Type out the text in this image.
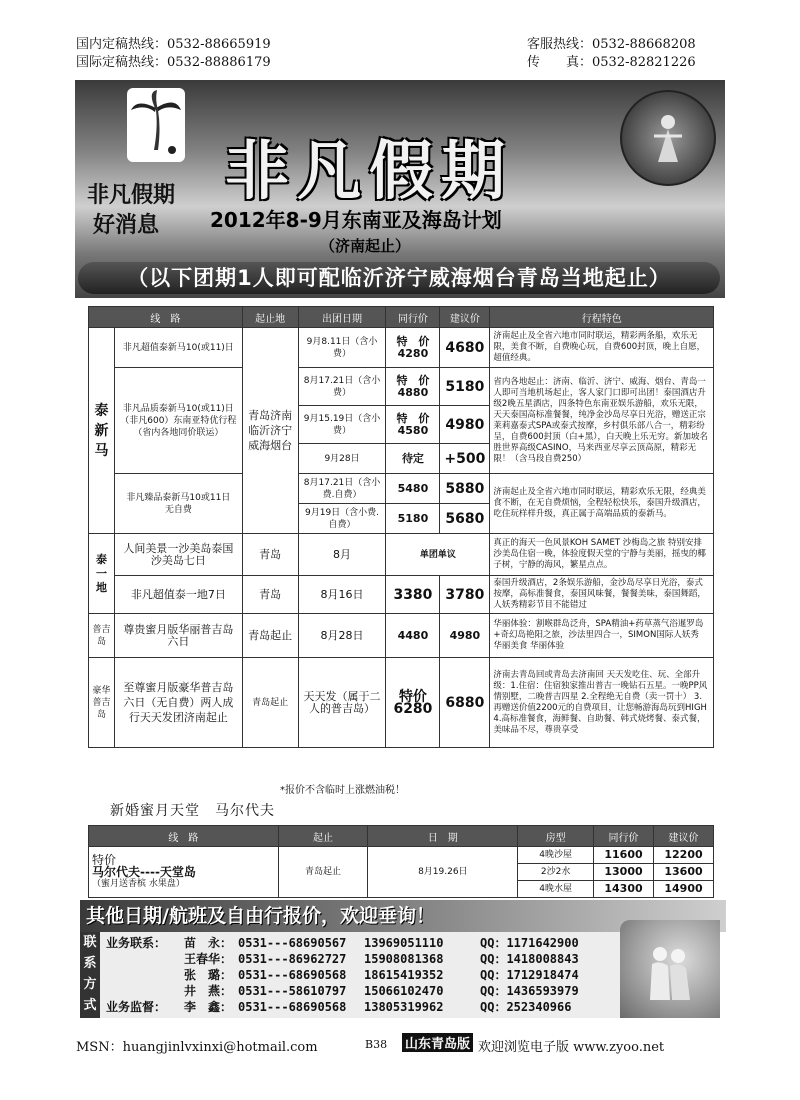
国内定稿热线：0532-88665919
国际定稿热线：0532-88886179
客服热线：0532-88668208
传　　真：0532-82821226
非凡假期
非凡假期
好消息	2012年8-9月东南亚及海岛计划
（济南起止）
（以下团期1人即可配临沂济宁威海烟台青岛当地起止）
线　路		起止地	出团日期	同行价	建议价	行程特色
泰新马	非凡超值泰新马10(或11)日	青岛济南临沂济宁威海烟台	9月8.11日（含小费）	特　价4280	4680	济南起止及全省六地市同时联运，精彩两条船，欢乐无限，美食不断，自费晚心玩，自费600封顶，晚上自愿，超值经典。
	非凡品质泰新马10(或11)日（非凡600）东南亚特优行程（省内各地同价联运）		8月17.21日（含小费）	特　价4880	5180	省内各地起止：济南、临沂、济宁、威海、烟台、青岛一人即可当地机场起止，客人家门口即可出团！泰国酒店升级2晚五星酒店，四条特色东南亚娱乐游船，欢乐无限，天天泰国高标准餐餐，纯净金沙岛尽享日光浴，赠送正宗莱莉嘉泰式SPA或泰式按摩，乡村俱乐部八合一，精彩纷呈，自费600封顶（白+黑），白天晚上乐无穷。新加坡名胜世界高级CASINO，马来西亚尽享云顶高原，精彩无限！（含马段自费250）
			9月15.19日（含小费）	特　价4580	4980	
			9月28日	待定	+500	
	非凡臻品泰新马10或11日　无自费		8月17.21日（含小费.自费）	5480	5880	济南起止及全省六地市同时联运，精彩欢乐无限，经典美食不断，在无自费烦恼，全程轻松快乐，泰国升级酒店，吃住玩样样升级，真正属于高端品质的泰新马。
			9月19日（含小费.自费）	5180	5680	
泰一地	人间美景一沙美岛泰国沙美岛七日	青岛	8月	单团单议		真正的海天一色风景KOH SAMET 沙梅岛之旅 特别安排沙美岛住宿一晚，体验度假天堂的宁静与美丽，摇曳的椰子树，宁静的海风，繁星点点。
	非凡超值泰一地7日	青岛	8月16日	3380	3780	泰国升级酒店，2条娱乐游船，金沙岛尽享日光浴，泰式按摩，高标准餐食，泰国风味餐，餐餐美味，泰国舞蹈，人妖秀精彩节目不能错过
普吉岛	尊贵蜜月版华丽普吉岛六日	青岛起止	8月28日	4480	4980	华丽体验：割喉群岛泛舟，SPA精油+药草蒸气浴暹罗岛+奇幻岛艳阳之旅，沙法里四合一，SIMON国际人妖秀 华丽美食 华丽体验
豪华普吉岛	至尊蜜月版豪华普吉岛六日（无自费）两人成行天天发团济南起止	青岛起止	天天发（属于二人的普吉岛）	特价6280	6880	济南去青岛回或青岛去济南回 天天发吃住、玩、全部升级：1.住宿：住宿独家推出普吉一晚钻石五星。一晚PP风情别墅，二晚普吉四星 2.全程绝无自费（卖一罚十） 3.再赠送价值2200元的自费项目，让您畅游海岛玩到HIGH 4.高标准餐食，海鲜餐、自助餐、韩式烧烤餐、泰式餐，美味品不尽，尊贵享受
*报价不含临时上涨燃油税！
新婚蜜月天堂　马尔代夫
线　路	起止	日　期	房型	同行价	建议价

特价
马尔代夫----天堂岛
（蜜月送香槟 水果盘）	青岛起止	8月19.26日	4晚沙屋	11600	12200
			2沙2水	13000	13600
			4晚水屋	14300	14900
其他日期/航班及自由行报价，欢迎垂询！
联系方式
业务联系：	苗　永： 0531---68690567	13969051110	QQ：1171642900
王春华： 0531---86962727	15908081368	QQ：1418008843
张　璐： 0531---68690568	18615419352	QQ：1712918474
井　燕： 0531---58610797	15066102470	QQ：1436593979
业务监督：	李　鑫： 0531---68690568	13805319962	QQ：252340966
MSN：huangjinlvxinxi@hotmail.com	B38 山东青岛版 欢迎浏览电子版 www.zyoo.net
